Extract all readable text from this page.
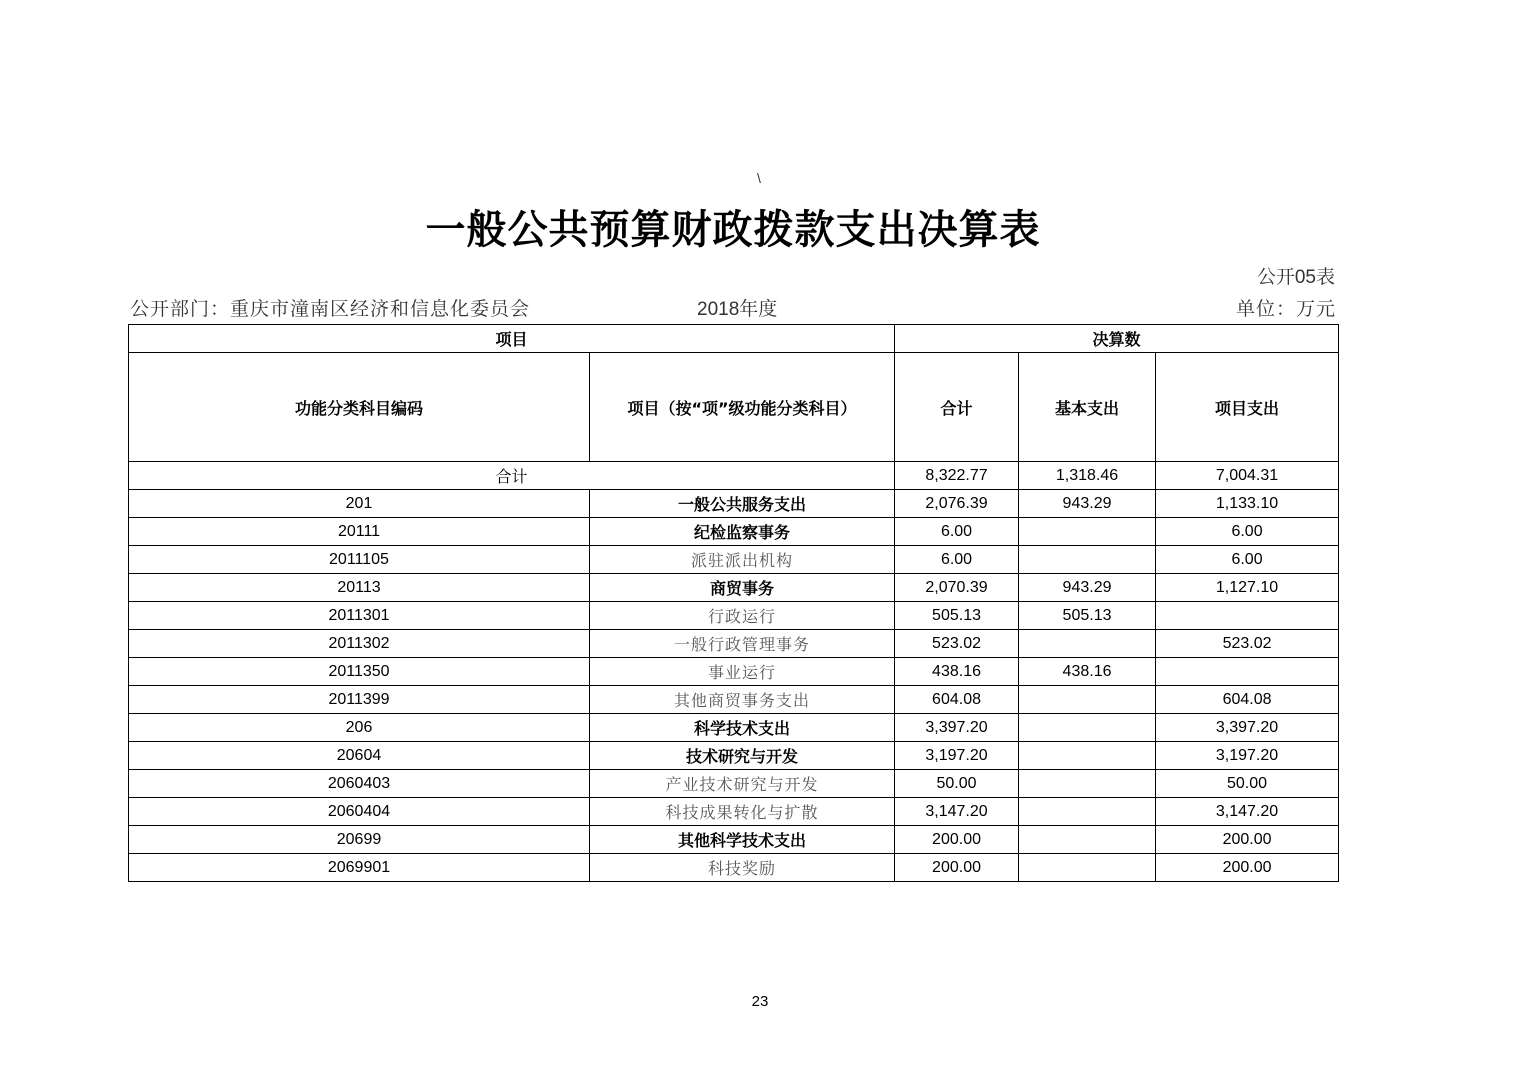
\
一般公共预算财政拨款支出决算表
公开05表
公开部门：重庆市潼南区经济和信息化委员会	2018年度	单位：万元
项目		决算数		
功能分类科目编码	项目（按“项”级功能分类科目）	合计	基本支出	项目支出
合计		8,322.77	1,318.46	7,004.31
201	一般公共服务支出	2,076.39	943.29	1,133.10
20111	纪检监察事务	6.00		6.00
2011105	派驻派出机构	6.00		6.00
20113	商贸事务	2,070.39	943.29	1,127.10
2011301	行政运行	505.13	505.13	
2011302	一般行政管理事务	523.02		523.02
2011350	事业运行	438.16	438.16	
2011399	其他商贸事务支出	604.08		604.08
206	科学技术支出	3,397.20		3,397.20
20604	技术研究与开发	3,197.20		3,197.20
2060403	产业技术研究与开发	50.00		50.00
2060404	科技成果转化与扩散	3,147.20		3,147.20
20699	其他科学技术支出	200.00		200.00
2069901	科技奖励	200.00		200.00
23
